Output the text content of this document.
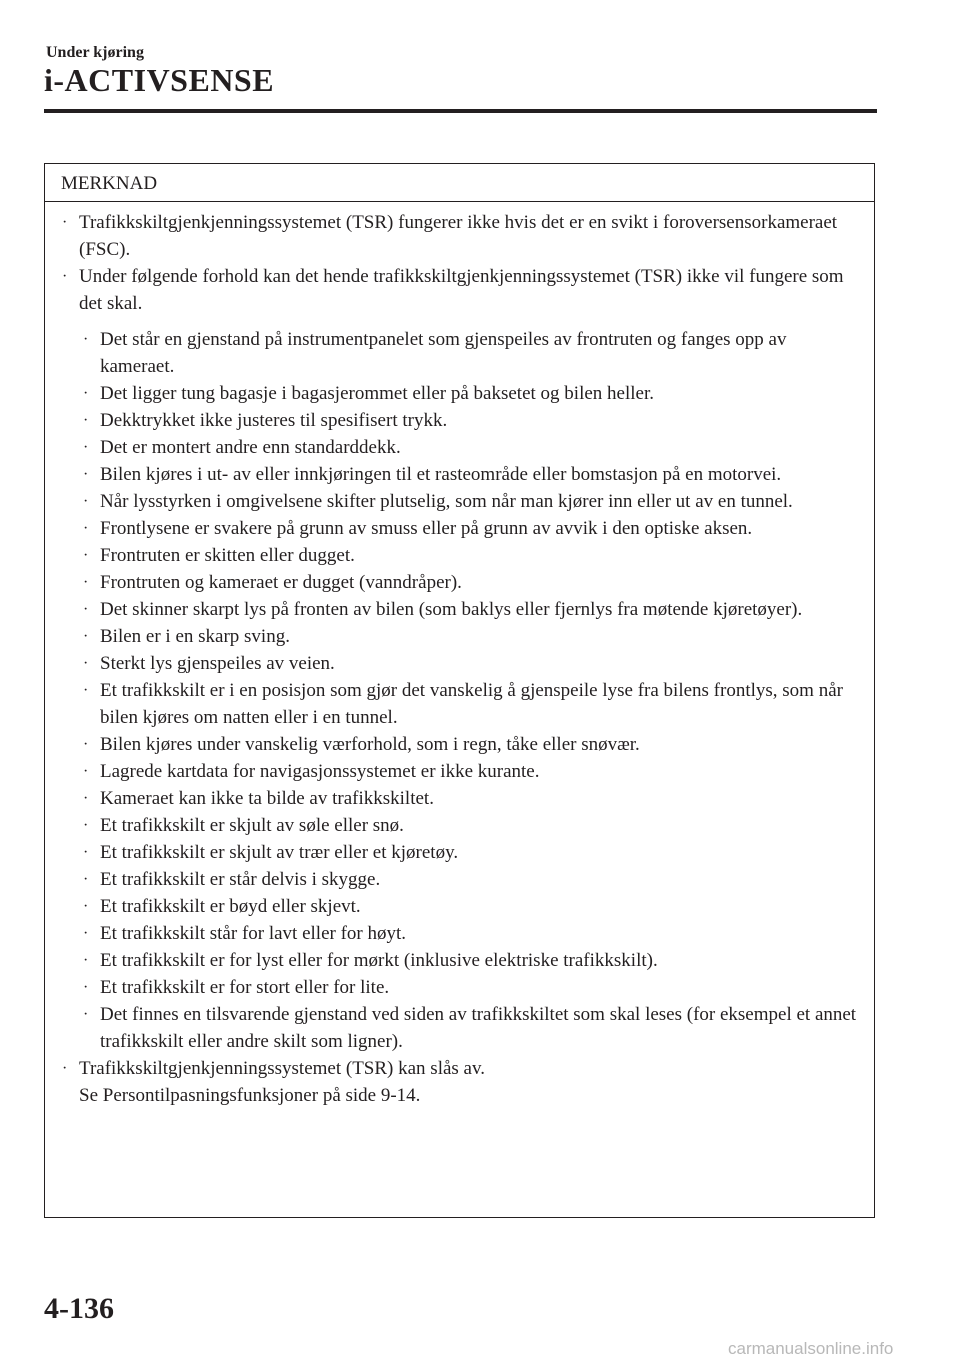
Under kjøring
i-ACTIVSENSE
MERKNAD
· Trafikkskiltgjenkjenningssystemet (TSR) fungerer ikke hvis det er en svikt i foroversensorkameraet (FSC).
· Under følgende forhold kan det hende trafikkskiltgjenkjenningssystemet (TSR) ikke vil fungere som det skal.
· Det står en gjenstand på instrumentpanelet som gjenspeiles av frontruten og fanges opp av kameraet.
· Det ligger tung bagasje i bagasjerommet eller på baksetet og bilen heller.
· Dekktrykket ikke justeres til spesifisert trykk.
· Det er montert andre enn standarddekk.
· Bilen kjøres i ut- av eller innkjøringen til et rasteområde eller bomstasjon på en motorvei.
· Når lysstyrken i omgivelsene skifter plutselig, som når man kjører inn eller ut av en tunnel.
· Frontlysene er svakere på grunn av smuss eller på grunn av avvik i den optiske aksen.
· Frontruten er skitten eller dugget.
· Frontruten og kameraet er dugget (vanndråper).
· Det skinner skarpt lys på fronten av bilen (som baklys eller fjernlys fra møtende kjøretøyer).
· Bilen er i en skarp sving.
· Sterkt lys gjenspeiles av veien.
· Et trafikkskilt er i en posisjon som gjør det vanskelig å gjenspeile lyse fra bilens frontlys, som når bilen kjøres om natten eller i en tunnel.
· Bilen kjøres under vanskelig værforhold, som i regn, tåke eller snøvær.
· Lagrede kartdata for navigasjonssystemet er ikke kurante.
· Kameraet kan ikke ta bilde av trafikkskiltet.
· Et trafikkskilt er skjult av søle eller snø.
· Et trafikkskilt er skjult av trær eller et kjøretøy.
· Et trafikkskilt er står delvis i skygge.
· Et trafikkskilt er bøyd eller skjevt.
· Et trafikkskilt står for lavt eller for høyt.
· Et trafikkskilt er for lyst eller for mørkt (inklusive elektriske trafikkskilt).
· Et trafikkskilt er for stort eller for lite.
· Det finnes en tilsvarende gjenstand ved siden av trafikkskiltet som skal leses (for eksempel et annet trafikkskilt eller andre skilt som ligner).
· Trafikkskiltgjenkjenningssystemet (TSR) kan slås av.
Se Persontilpasningsfunksjoner på side 9-14.
4-136
carmanualsonline.info
